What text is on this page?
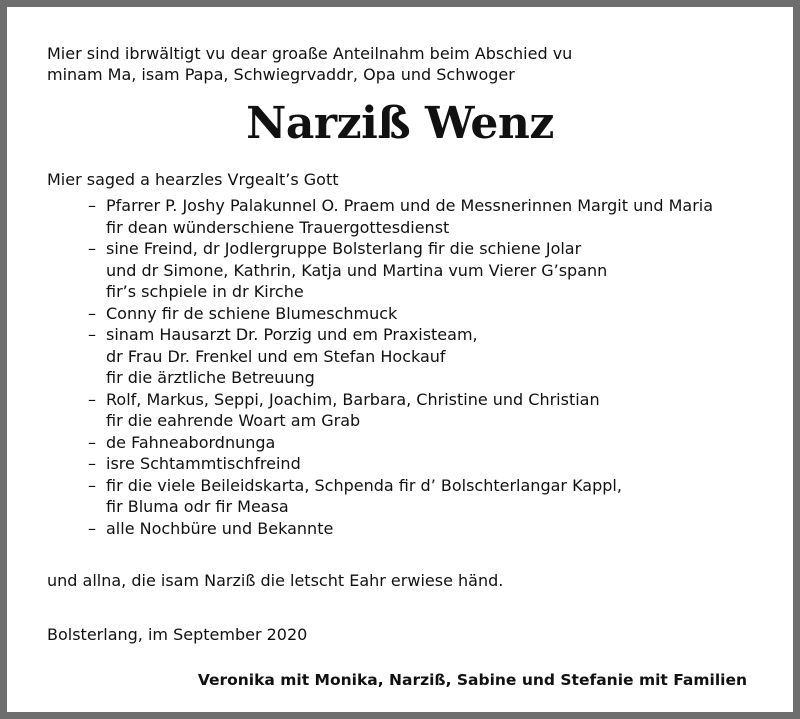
Mier sind ibrwältigt vu dear groaße Anteilnahm beim Abschied vu
minam Ma, isam Papa, Schwiegrvaddr, Opa und Schwoger

Narziß Wenz

Mier saged a hearzles Vrgealt’s Gott

– Pfarrer P. Joshy Palakunnel O. Praem und de Messnerinnen Margit und Maria
fir dean wünderschiene Trauergottesdienst
– sine Freind, dr Jodlergruppe Bolsterlang fir die schiene Jolar
und dr Simone, Kathrin, Katja und Martina vum Vierer G’spann
fir’s schpiele in dr Kirche
– Conny fir de schiene Blumeschmuck
– sinam Hausarzt Dr. Porzig und em Praxisteam,
dr Frau Dr. Frenkel und em Stefan Hockauf
fir die ärztliche Betreuung
– Rolf, Markus, Seppi, Joachim, Barbara, Christine und Christian
fir die eahrende Woart am Grab
– de Fahneabordnunga
– isre Schtammtischfreind
– fir die viele Beileidskarta, Schpenda fir d’ Bolschterlangar Kappl,
fir Bluma odr fir Measa
– alle Nochbüre und Bekannte

und allna, die isam Narziß die letscht Eahr erwiese händ.

Bolsterlang, im September 2020

Veronika mit Monika, Narziß, Sabine und Stefanie mit Familien
